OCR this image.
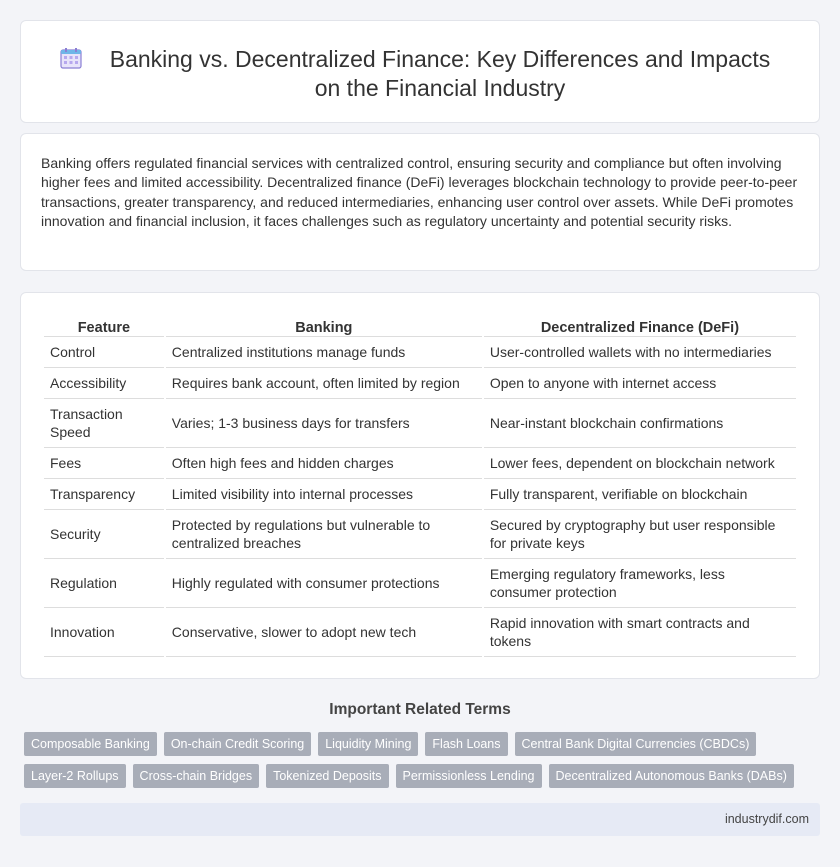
Banking vs. Decentralized Finance: Key Differences and Impacts on the Financial Industry

Banking offers regulated financial services with centralized control, ensuring security and compliance but often involving higher fees and limited accessibility. Decentralized finance (DeFi) leverages blockchain technology to provide peer-to-peer transactions, greater transparency, and reduced intermediaries, enhancing user control over assets. While DeFi promotes innovation and financial inclusion, it faces challenges such as regulatory uncertainty and potential security risks.

Feature	Banking	Decentralized Finance (DeFi)
Control	Centralized institutions manage funds	User-controlled wallets with no intermediaries
Accessibility	Requires bank account, often limited by region	Open to anyone with internet access
Transaction Speed	Varies; 1-3 business days for transfers	Near-instant blockchain confirmations
Fees	Often high fees and hidden charges	Lower fees, dependent on blockchain network
Transparency	Limited visibility into internal processes	Fully transparent, verifiable on blockchain
Security	Protected by regulations but vulnerable to centralized breaches	Secured by cryptography but user responsible for private keys
Regulation	Highly regulated with consumer protections	Emerging regulatory frameworks, less consumer protection
Innovation	Conservative, slower to adopt new tech	Rapid innovation with smart contracts and tokens
Important Related Terms
Composable Banking	On-chain Credit Scoring	Liquidity Mining	Flash Loans	Central Bank Digital Currencies (CBDCs)
Layer-2 Rollups	Cross-chain Bridges	Tokenized Deposits	Permissionless Lending	Decentralized Autonomous Banks (DABs)
industrydif.com
